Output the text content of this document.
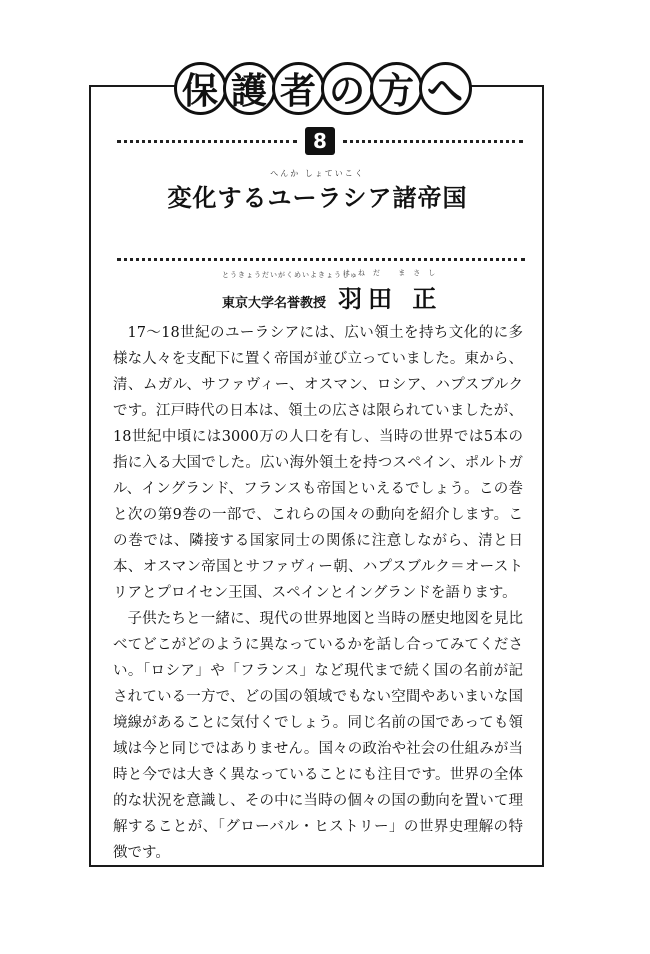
保 護 者 の 方 へ
8
へんか しょていこく
変化するユーラシア諸帝国
とうきょうだいがくめいよきょうじゅ
はねだ まさし
東京大学名誉教授 羽田 正

17〜18世紀のユーラシアには、広い領土を持ち文化的に多様な人々を支配下に置く帝国が並び立っていました。東から、清、ムガル、サファヴィー、オスマン、ロシア、ハプスブルクです。江戸時代の日本は、領土の広さは限られていましたが、18世紀中頃には3000万の人口を有し、当時の世界では5本の指に入る大国でした。広い海外領土を持つスペイン、ポルトガル、イングランド、フランスも帝国といえるでしょう。この巻と次の第9巻の一部で、これらの国々の動向を紹介します。この巻では、隣接する国家同士の関係に注意しながら、清と日本、オスマン帝国とサファヴィー朝、ハプスブルク＝オーストリアとプロイセン王国、スペインとイングランドを語ります。

子供たちと一緒に、現代の世界地図と当時の歴史地図を見比べてどこがどのように異なっているかを話し合ってみてください。「ロシア」や「フランス」など現代まで続く国の名前が記されている一方で、どの国の領域でもない空間やあいまいな国境線があることに気付くでしょう。同じ名前の国であっても領域は今と同じではありません。国々の政治や社会の仕組みが当時と今では大きく異なっていることにも注目です。世界の全体的な状況を意識し、その中に当時の個々の国の動向を置いて理解することが、「グローバル・ヒストリー」の世界史理解の特徴です。
